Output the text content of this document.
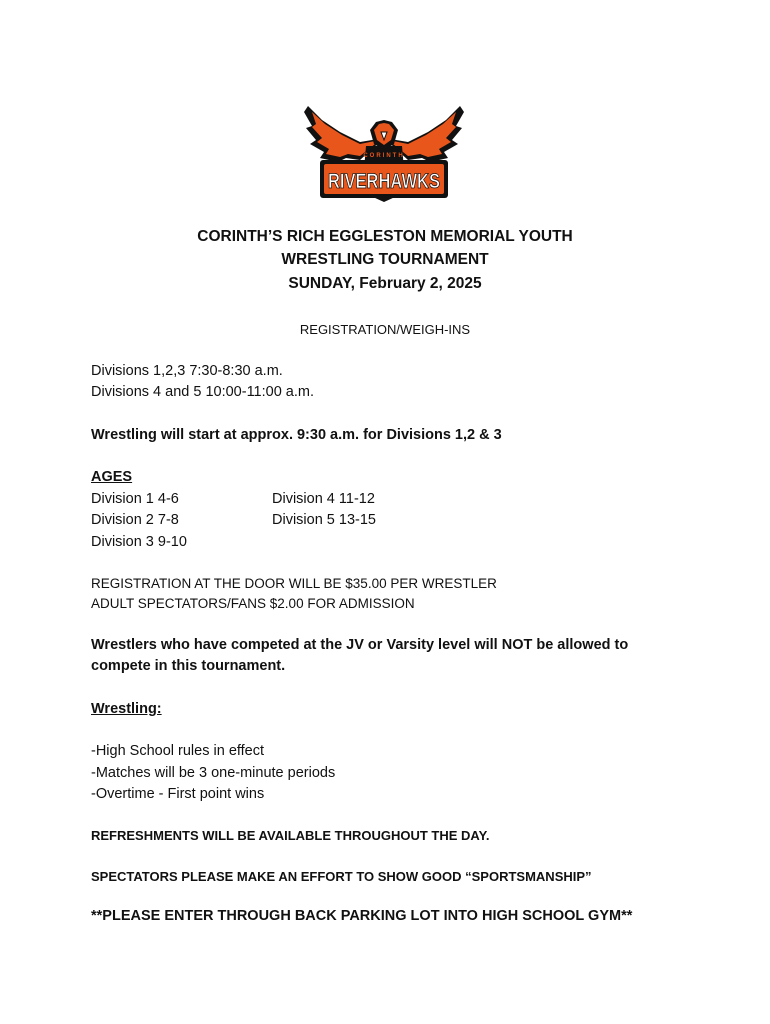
CORINTH
RIVERHAWKS
CORINTH’S RICH EGGLESTON MEMORIAL YOUTH
WRESTLING TOURNAMENT
SUNDAY, February 2, 2025
REGISTRATION/WEIGH-INS
Divisions 1,2,3 7:30-8:30 a.m.
Divisions 4 and 5 10:00-11:00 a.m.
Wrestling will start at approx. 9:30 a.m. for Divisions 1,2 & 3
AGES
Division 1 4-6
Division 2 7-8
Division 3 9-10
Division 4 11-12
Division 5 13-15
REGISTRATION AT THE DOOR WILL BE $35.00 PER WRESTLER
ADULT SPECTATORS/FANS $2.00 FOR ADMISSION
Wrestlers who have competed at the JV or Varsity level will NOT be allowed to
compete in this tournament.
Wrestling:
-High School rules in effect
-Matches will be 3 one-minute periods
-Overtime - First point wins
REFRESHMENTS WILL BE AVAILABLE THROUGHOUT THE DAY.
SPECTATORS PLEASE MAKE AN EFFORT TO SHOW GOOD “SPORTSMANSHIP”
**PLEASE ENTER THROUGH BACK PARKING LOT INTO HIGH SCHOOL GYM**
